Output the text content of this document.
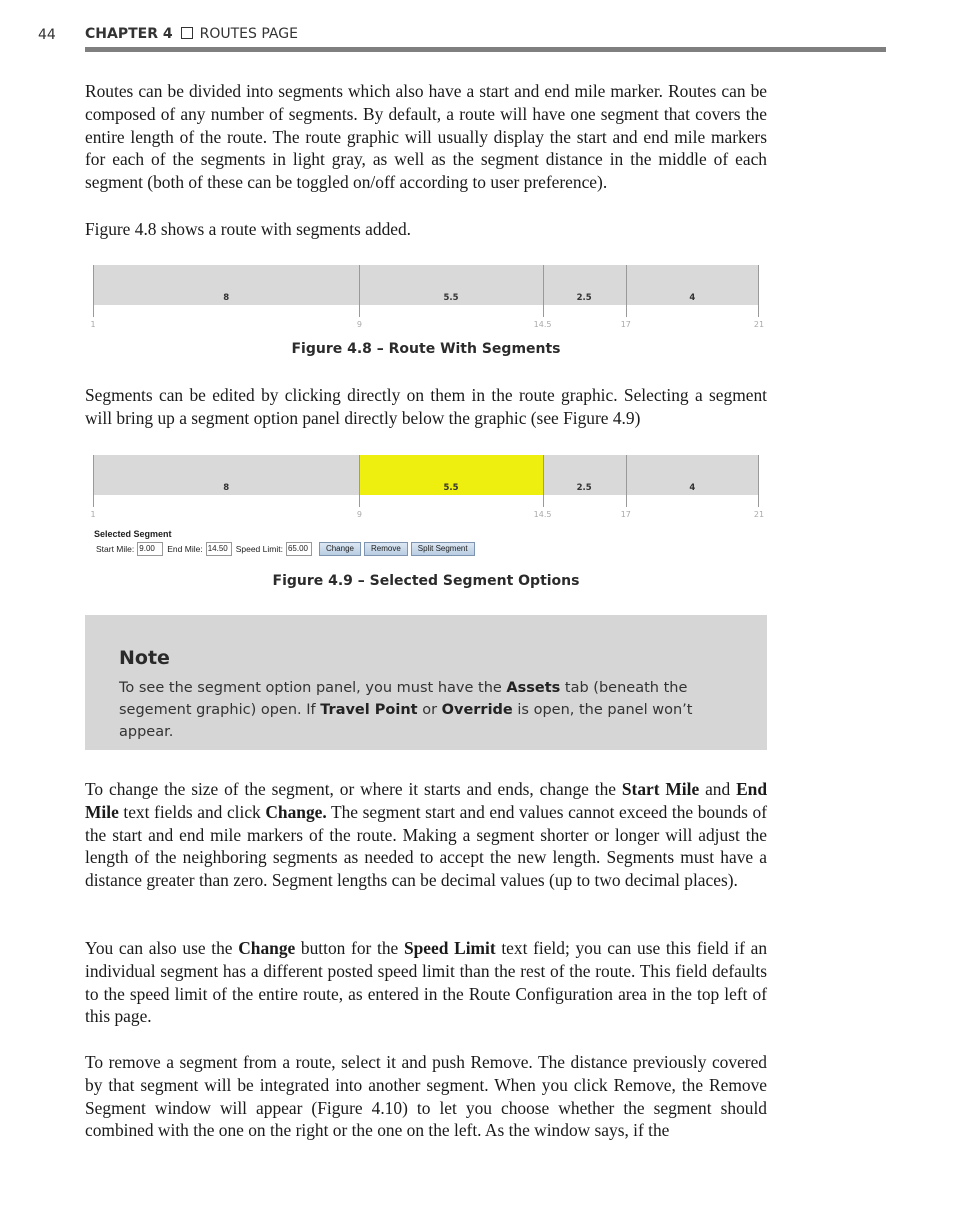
44 CHAPTER 4 ROUTES PAGE
Routes can be divided into segments which also have a start and end mile marker. Routes can be composed of any number of segments. By default, a route will have one segment that covers the entire length of the route. The route graphic will usually display the start and end mile markers for each of the segments in light gray, as well as the segment distance in the middle of each segment (both of these can be toggled on/off according to user preference).
Figure 4.8 shows a route with segments added.
8	5.5	2.5	4
1	9	14.5	17	21
Figure 4.8 – Route With Segments
Segments can be edited by clicking directly on them in the route graphic. Selecting a segment will bring up a segment option panel directly below the graphic (see Figure 4.9)
8	5.5	2.5	4
1	9	14.5	17	21
Selected Segment
Start Mile: 9.00	End Mile: 14.50 Speed Limit: 65.00	Change	Remove	Split Segment
Figure 4.9 – Selected Segment Options
Note
To see the segment option panel, you must have the Assets tab (beneath the segement graphic) open. If Travel Point or Override is open, the panel won’t appear.
To change the size of the segment, or where it starts and ends, change the Start Mile and End Mile text fields and click Change. The segment start and end values cannot exceed the bounds of the start and end mile markers of the route. Making a segment shorter or longer will adjust the length of the neighboring segments as needed to accept the new length. Segments must have a distance greater than zero. Segment lengths can be decimal values (up to two decimal places).
You can also use the Change button for the Speed Limit text field; you can use this field if an individual segment has a different posted speed limit than the rest of the route. This field defaults to the speed limit of the entire route, as entered in the Route Configuration area in the top left of this page.
To remove a segment from a route, select it and push Remove. The distance previously covered by that segment will be integrated into another segment. When you click Remove, the Remove Segment window will appear (Figure 4.10) to let you choose whether the segment should combined with the one on the right or the one on the left. As the window says, if the
